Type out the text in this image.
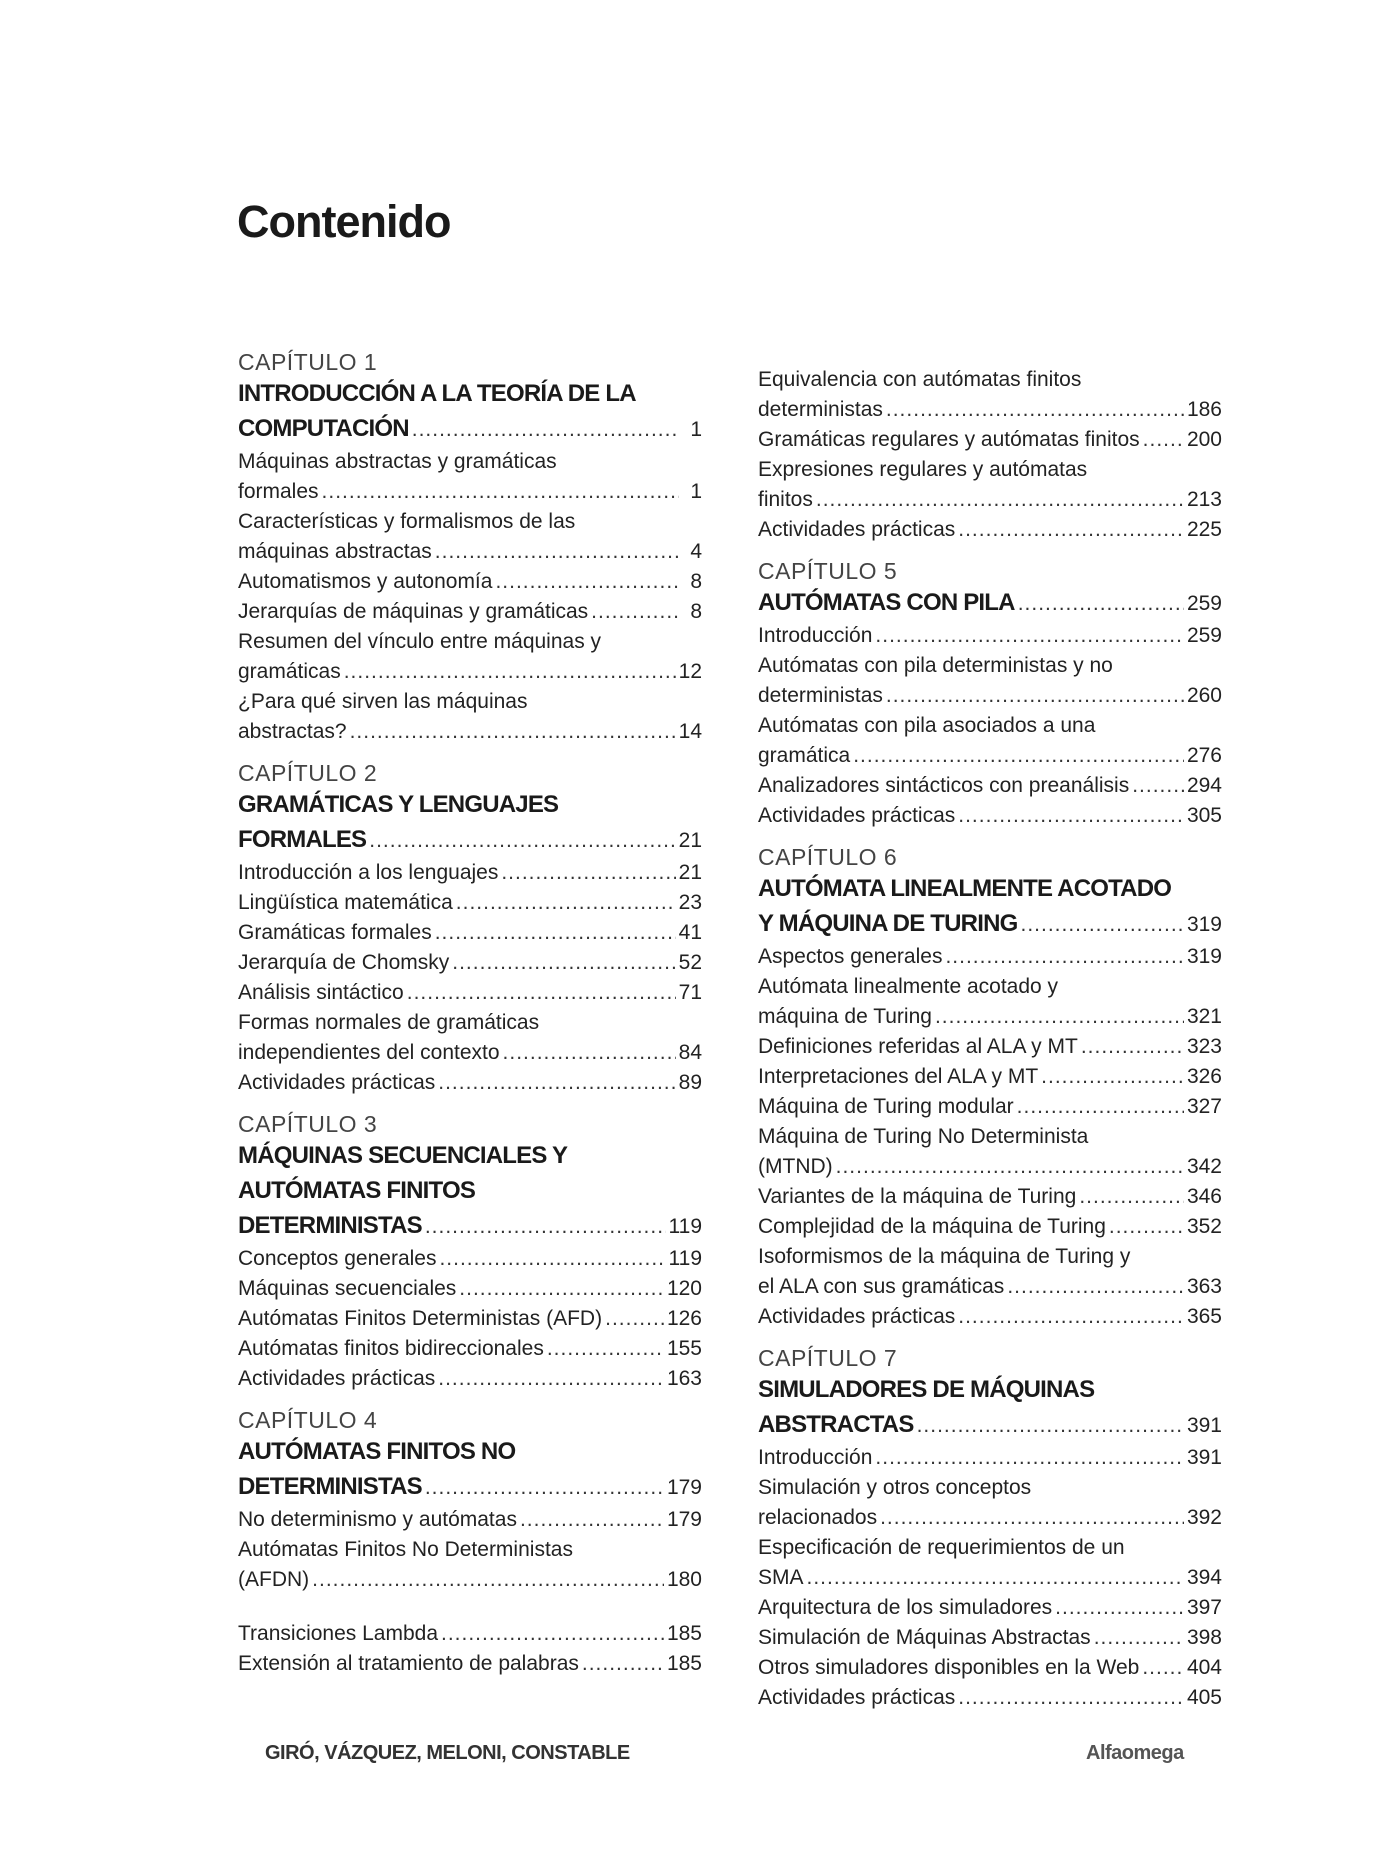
Contenido
CAPÍTULO 1
INTRODUCCIÓN A LA TEORÍA DE LA
COMPUTACIÓN .....	1
Máquinas abstractas y gramáticas
formales .....	1
Características y formalismos de las
máquinas abstractas .....	4
Automatismos y autonomía .....	8
Jerarquías de máquinas y gramáticas .....	8
Resumen del vínculo entre máquinas y
gramáticas .....	12
¿Para qué sirven las máquinas
abstractas? .....	14
CAPÍTULO 2
GRAMÁTICAS Y LENGUAJES
FORMALES .....	21
Introducción a los lenguajes .....	21
Lingüística matemática .....	23
Gramáticas formales .....	41
Jerarquía de Chomsky .....	52
Análisis sintáctico .....	71
Formas normales de gramáticas
independientes del contexto .....	84
Actividades prácticas .....	89
CAPÍTULO 3
MÁQUINAS SECUENCIALES Y
AUTÓMATAS FINITOS
DETERMINISTAS .....	119
Conceptos generales .....	119
Máquinas secuenciales .....	120
Autómatas Finitos Deterministas (AFD) .....	126
Autómatas finitos bidireccionales .....	155
Actividades prácticas .....	163
CAPÍTULO 4
AUTÓMATAS FINITOS NO
DETERMINISTAS .....	179
No determinismo y autómatas .....	179
Autómatas Finitos No Deterministas
(AFDN) .....	180
Transiciones Lambda .....	185
Extensión al tratamiento de palabras .....	185
Equivalencia con autómatas finitos
deterministas .....	186
Gramáticas regulares y autómatas finitos ..... 200
Expresiones regulares y autómatas
finitos .....	213
Actividades prácticas .....	225
CAPÍTULO 5
AUTÓMATAS CON PILA .....	259
Introducción .....	259
Autómatas con pila deterministas y no
deterministas .....	260
Autómatas con pila asociados a una
gramática .....	276
Analizadores sintácticos con preanálisis .....	294
Actividades prácticas .....	305
CAPÍTULO 6
AUTÓMATA LINEALMENTE ACOTADO
Y MÁQUINA DE TURING .....	319
Aspectos generales .....	319
Autómata linealmente acotado y
máquina de Turing .....	321
Definiciones referidas al ALA y MT .....	323
Interpretaciones del ALA y MT .....	326
Máquina de Turing modular .....	327
Máquina de Turing No Determinista
(MTND) .....	342
Variantes de la máquina de Turing .....	346
Complejidad de la máquina de Turing .....	352
Isoformismos de la máquina de Turing y
el ALA con sus gramáticas .....	363
Actividades prácticas .....	365
CAPÍTULO 7
SIMULADORES DE MÁQUINAS
ABSTRACTAS .....	391
Introducción .....	391
Simulación y otros conceptos
relacionados .....	392
Especificación de requerimientos de un
SMA .....	394
Arquitectura de los simuladores .....	397
Simulación de Máquinas Abstractas .....	398
Otros simuladores disponibles en la Web ..... 404
Actividades prácticas .....	405
GIRÓ, VÁZQUEZ, MELONI, CONSTABLE	Alfaomega
